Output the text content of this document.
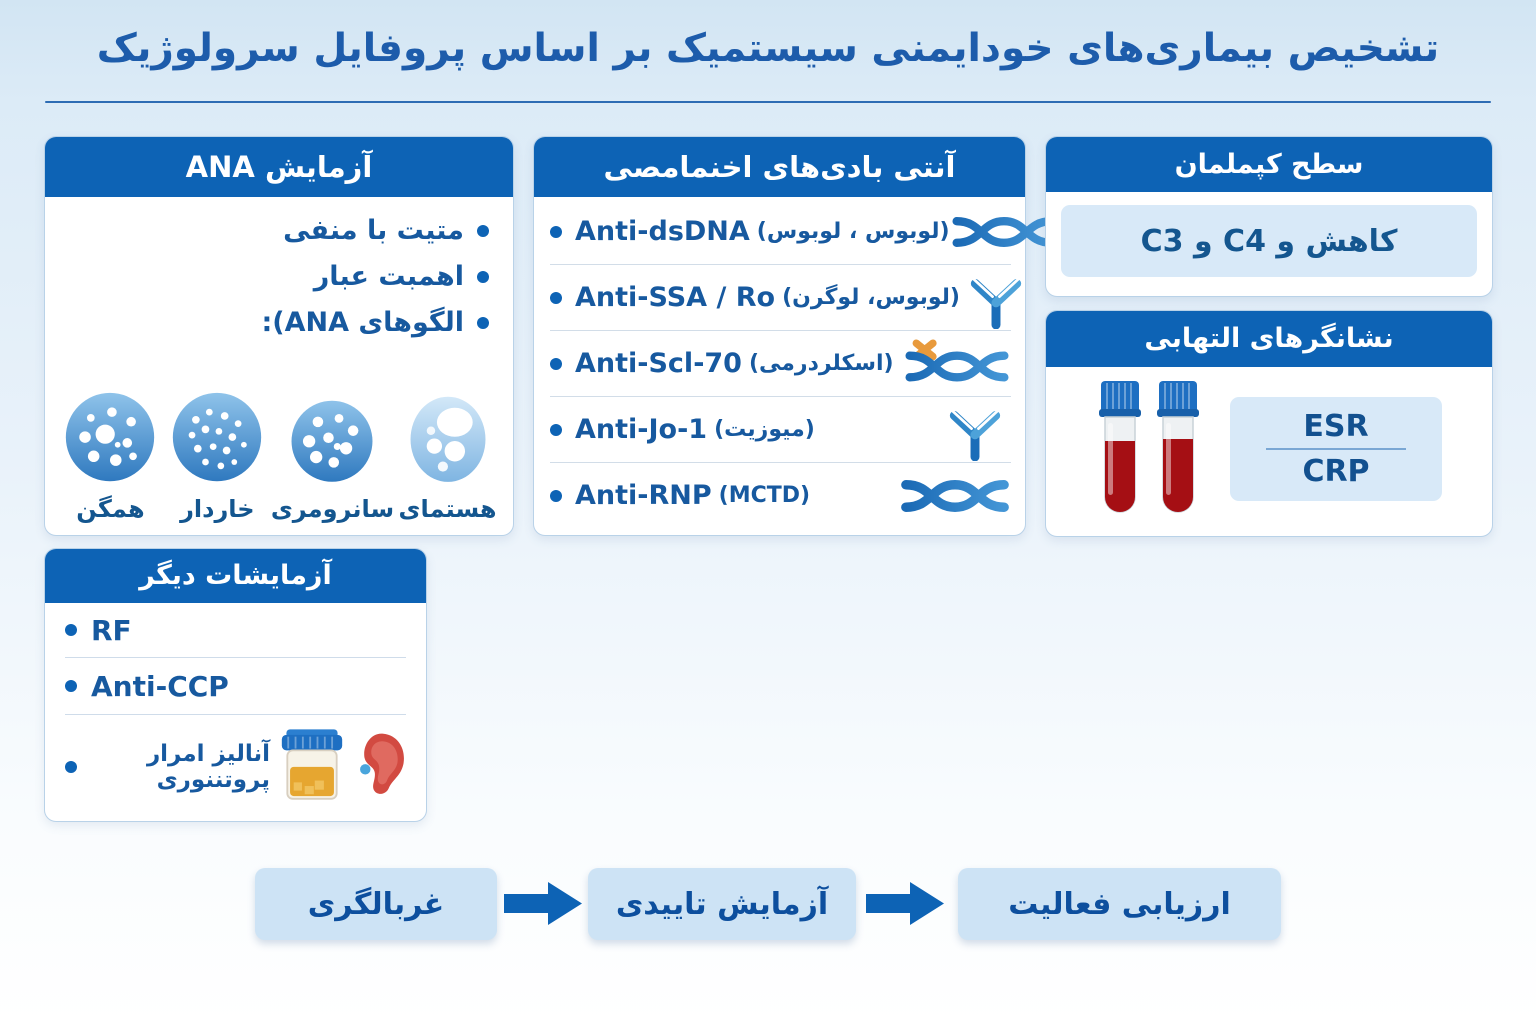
تشخیص بیماری‌های خودایمنی سیستمیک بر اساس پروفایل سرولوژیک
آزمایش ANA
متیت با منفی
اهمبت عبار
الگوهای ANA):
همگن	خاردار سانرومری هستمای
آنتی بادی‌های اخنمامصی
Anti-dsDNA (لوبوس ، لوبوس)
Anti-SSA / Ro (لوبوس، لوگرن)
Anti-Scl-70 (اسکلردرمی)
Anti-Jo-1 (میوزیت)
Anti-RNP (MCTD)
سطح کپملمان
کاهش و C4 و C3
نشانگرهای التهابی
ESR
CRP
آزمایشات دیگر
RF
Anti-CCP
آنالیز امرار پروتننوری
غربالگری	آزمایش تاییدی	ارزیابی فعالیت
